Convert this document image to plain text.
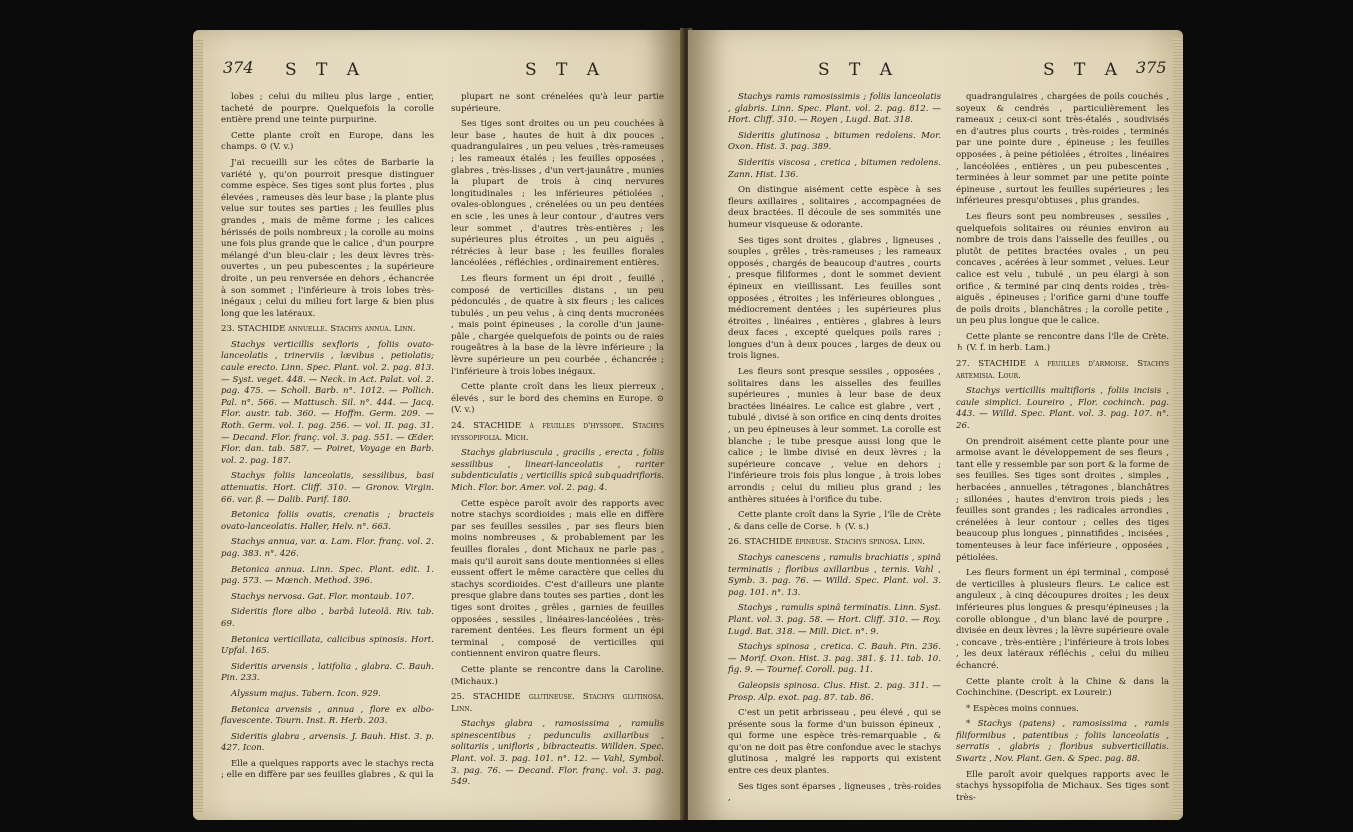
374 S T A	S T A

lobes ; celui du milieu plus large , entier, tacheté de pourpre. Quelquefois la corolle entière prend une teinte purpurine.

Cette plante croît en Europe, dans les champs. ⊙ (V. v.)

J'ai recueilli sur les côtes de Barbarie la variété γ, qu'on pourroit presque distinguer comme espèce. Ses tiges sont plus fortes , plus élevées , rameuses dès leur base ; la plante plus velue sur toutes ses parties ; les feuilles plus grandes , mais de même forme ; les calices hérissés de poils nombreux ; la corolle au moins une fois plus grande que le calice , d'un pourpre mélangé d'un bleu-clair ; les deux lèvres très-ouvertes , un peu pubescentes ; la supérieure droite , un peu renversée en dehors , échancrée à son sommet ; l'inférieure à trois lobes très-inégaux ; celui du milieu fort large & bien plus long que les latéraux.

23. STACHIDE annuelle. Stachys annua. Linn.

Stachys verticillis sexfloris , foliis ovato-lanceolatis , trinerviis , lævibus , petiolatis; caule erecto. Linn. Spec. Plant. vol. 2. pag. 813. — Syst. veget. 448. — Neck. in Act. Palat. vol. 2. pag. 475. — Scholl. Barb. n°. 1012. — Pollich. Pal. n°. 566. — Mattusch. Sil. n°. 444. — Jacq. Flor. austr. tab. 360. — Hoffm. Germ. 209. — Roth. Germ. vol. I. pag. 256. — vol. II. pag. 31. — Decand. Flor. franç. vol. 3. pag. 551. — Œder. Flor. dan. tab. 587. — Poiret, Voyage en Barb. vol. 2. pag. 187.

Stachys foliis lanceolatis, sessilibus, basi attenuatis. Hort. Cliff. 310. — Gronov. Virgin. 66. var. β. — Dalib. Parif. 180.

Betonica foliis ovatis, crenatis ; bracteis ovato-lanceolatis. Haller, Helv. n°. 663.

Stachys annua, var. α. Lam. Flor. franç. vol. 2. pag. 383. n°. 426.

Betonica annua. Linn. Spec. Plant. edit. 1. pag. 573. — Mœnch. Method. 396.

Stachys nervosa. Gat. Flor. montaub. 107.

Sideritis flore albo , barbâ luteolâ. Riv. tab. 69.

Betonica verticillata, calicibus spinosis. Hort. Upfal. 165.

Sideritis arvensis , latifolia , glabra. C. Bauh. Pin. 233.

Alyssum majus. Tabern. Icon. 929.

Betonica arvensis , annua , flore ex albo-flavescente. Tourn. Inst. R. Herb. 203.

Sideritis glabra , arvensis. J. Bauh. Hist. 3. p. 427. Icon.

Elle a quelques rapports avec le stachys recta ; elle en diffère par ses feuilles glabres , & qui la

plupart ne sont crénelées qu'à leur partie supérieure.

Ses tiges sont droites ou un peu couchées à leur base , hautes de huit à dix pouces , quadrangulaires , un peu velues , très-rameuses ; les rameaux étalés ; les feuilles opposées , glabres , très-lisses , d'un vert-jaunâtre , munies la plupart de trois à cinq nervures longitudinales ; les inférieures pétiolées , ovales-oblongues , crénelées ou un peu dentées en scie , les unes à leur contour , d'autres vers leur sommet , d'autres très-entières ; les supérieures plus étroites , un peu aiguës , rétrécies à leur base ; les feuilles florales lancéolées , réfléchies , ordinairement entières.

Les fleurs forment un épi droit , feuillé , composé de verticilles distans , un peu pédonculés , de quatre à six fleurs ; les calices tubulés , un peu velus , à cinq dents mucronées , mais point épineuses , la corolle d'un jaune-pâle , chargée quelquefois de points ou de raies rougeâtres à la base de la lèvre inférieure ; la lèvre supérieure un peu courbée , échancrée ; l'inférieure à trois lobes inégaux.

Cette plante croît dans les lieux pierreux , élevés , sur le bord des chemins en Europe. ⊙ (V. v.)

24. STACHIDE à feuilles d'hyssope. Stachys hyssopifolia. Mich.

Stachys glabriuscula , gracilis , erecta , foliis sessilibus , lineari-lanceolatis , rariter subdenticulatis ; verticillis spicâ subquadrifloris. Mich. Flor. bor. Amer. vol. 2. pag. 4.

Cette espèce paroît avoir des rapports avec notre stachys scordioides ; mais elle en diffère par ses feuilles sessiles , par ses fleurs bien moins nombreuses , & probablement par les feuilles florales , dont Michaux ne parle pas , mais qu'il auroit sans doute mentionnées si elles eussent offert le même caractère que celles du stachys scordioides. C'est d'ailleurs une plante presque glabre dans toutes ses parties , dont les tiges sont droites , grêles , garnies de feuilles opposées , sessiles , linéaires-lancéolées , très-rarement dentées. Les fleurs forment un épi terminal , composé de verticilles qui contiennent environ quatre fleurs.

Cette plante se rencontre dans la Caroline. (Michaux.)

25. STACHIDE glutineuse. Stachys glutinosa. Linn.

Stachys glabra , ramosissima , ramulis spinescentibus ; pedunculis axillaribus , solitariis , unifloris , bibracteatis. Willden. Spec. Plant. vol. 3. pag. 101. n°. 12. — Vahl, Symbol. 3. pag. 76. — Decand. Flor. franç. vol. 3. pag. 549.

S T A	S T A 375

Stachys ramis ramosissimis ; foliis lanceolatis , glabris. Linn. Spec. Plant. vol. 2. pag. 812. — Hort. Cliff. 310. — Royen , Lugd. Bat. 318.

Sideritis glutinosa , bitumen redolens. Mor. Oxon. Hist. 3. pag. 389.

Sideritis viscosa , cretica , bitumen redolens. Zann. Hist. 136.

On distingue aisément cette espèce à ses fleurs axillaires , solitaires , accompagnées de deux bractées. Il découle de ses sommités une humeur visqueuse & odorante.

Ses tiges sont droites , glabres , ligneuses , souples , grêles , très-rameuses ; les rameaux opposés , chargés de beaucoup d'autres , courts , presque filiformes , dont le sommet devient épineux en vieillissant. Les feuilles sont opposées , étroites ; les inférieures oblongues , médiocrement dentées ; les supérieures plus étroites , linéaires , entières , glabres à leurs deux faces , excepté quelques poils rares ; longues d'un à deux pouces , larges de deux ou trois lignes.

Les fleurs sont presque sessiles , opposées , solitaires dans les aisselles des feuilles supérieures , munies à leur base de deux bractées linéaires. Le calice est glabre , vert , tubulé , divisé à son orifice en cinq dents droites , un peu épineuses à leur sommet. La corolle est blanche ; le tube presque aussi long que le calice ; le limbe divisé en deux lèvres ; la supérieure concave , velue en dehors ; l'inférieure trois fois plus longue , à trois lobes arrondis ; celui du milieu plus grand ; les anthères situées à l'orifice du tube.

Cette plante croît dans la Syrie , l'île de Crète , & dans celle de Corse. ♄ (V. s.)

26. STACHIDE épineuse. Stachys spinosa. Linn.

Stachys canescens , ramulis brachiatis , spinâ terminatis ; floribus axillaribus , ternis. Vahl , Symb. 3. pag. 76. — Willd. Spec. Plant. vol. 3. pag. 101. n°. 13.

Stachys , ramulis spinâ terminatis. Linn. Syst. Plant. vol. 3. pag. 58. — Hort. Cliff. 310. — Roy. Lugd. Bat. 318. — Mill. Dict. n°. 9.

Stachys spinosa , cretica. C. Bauh. Pin. 236. — Morif. Oxon. Hist. 3. pag. 381. §. 11. tab. 10. fig. 9. — Tournef. Coroll. pag. 11.

Galeopsis spinosa. Clus. Hist. 2. pag. 311. — Prosp. Alp. exot. pag. 87. tab. 86.

C'est un petit arbrisseau , peu élevé , qui se présente sous la forme d'un buisson épineux , qui forme une espèce très-remarquable , & qu'on ne doit pas être confondue avec le stachys glutinosa , malgré les rapports qui existent entre ces deux plantes.

Ses tiges sont éparses , ligneuses , très-roides ,

quadrangulaires , chargées de poils couchés , soyeux & cendrés , particulièrement les rameaux ; ceux-ci sont très-étalés , soudivisés en d'autres plus courts , très-roides , terminés par une pointe dure , épineuse ; les feuilles opposées , à peine pétiolées , étroites , linéaires , lancéolées , entières , un peu pubescentes , terminées à leur sommet par une petite pointe épineuse , surtout les feuilles supérieures ; les inférieures presqu'obtuses , plus grandes.

Les fleurs sont peu nombreuses , sessiles , quelquefois solitaires ou réunies environ au nombre de trois dans l'aisselle des feuilles , ou plutôt de petites bractées ovales , un peu concaves , acérées à leur sommet , velues. Leur calice est velu , tubulé , un peu élargi à son orifice , & terminé par cinq dents roides , très-aiguës , épineuses ; l'orifice garni d'une touffe de poils droits , blanchâtres ; la corolle petite , un peu plus longue que le calice.

Cette plante se rencontre dans l'île de Crète. ♄ (V. f. in herb. Lam.)

27. STACHIDE à feuilles d'armoise. Stachys artemisia. Lour.

Stachys verticillis multifloris , foliis incisis , caule simplici. Loureiro , Flor. cochinch. pag. 443. — Willd. Spec. Plant. vol. 3. pag. 107. n°. 26.

On prendroit aisément cette plante pour une armoise avant le développement de ses fleurs , tant elle y ressemble par son port & la forme de ses feuilles. Ses tiges sont droites , simples , herbacées , annuelles , tétragones , blanchâtres ; sillonées , hautes d'environ trois pieds ; les feuilles sont grandes ; les radicales arrondies , crénelées à leur contour ; celles des tiges beaucoup plus longues , pinnatifides , incisées , tomenteuses à leur face inférieure , opposées , pétiolées.

Les fleurs forment un épi terminal , composé de verticilles à plusieurs fleurs. Le calice est anguleux , à cinq découpures droites ; les deux inférieures plus longues & presqu'épineuses ; la corolle oblongue , d'un blanc lavé de pourpre , divisée en deux lèvres ; la lèvre supérieure ovale , concave , très-entière ; l'inférieure à trois lobes , les deux latéraux réfléchis , celui du milieu échancré.

Cette plante croît à la Chine & dans la Cochinchine. (Descript. ex Loureir.)

* Espèces moins connues.

* Stachys (patens) , ramosissima , ramis filiformibus , patentibus ; foliis lanceolatis , serratis , glabris ; floribus subverticillatis. Swartz , Nov. Plant. Gen. & Spec. pag. 88.

Elle paroît avoir quelques rapports avec le stachys hyssopifolia de Michaux. Ses tiges sont très-
